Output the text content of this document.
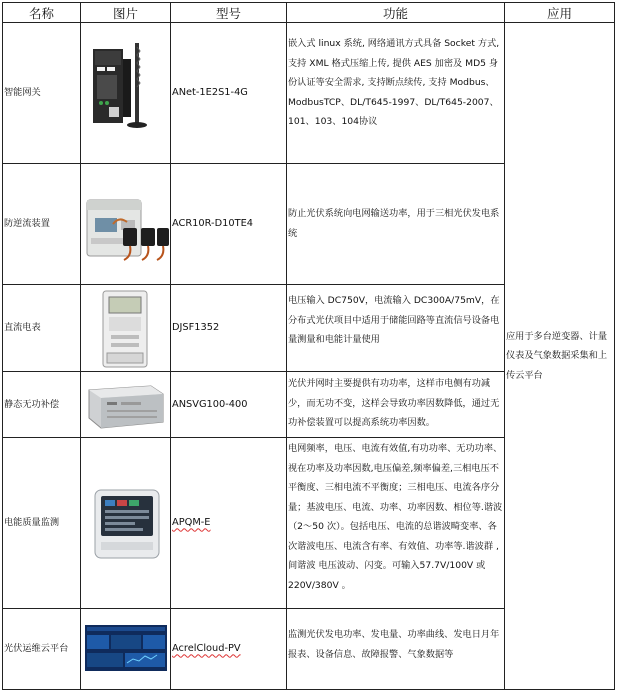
名称	图片	型号	功能	应用
智能网关		ANet-1E2S1-4G	嵌入式 linux 系统, 网络通讯方式具备 Socket 方式, 支持 XML 格式压缩上传, 提供 AES 加密及 MD5 身份认证等安全需求, 支持断点续传, 支持 Modbus、ModbusTCP、DL/T645-1997、DL/T645-2007、101、103、104协议	应用于多台逆变器、计量仪表及气象数据采集和上传云平台

防逆流装置		ACR10R-D10TE4	防止光伏系统向电网输送功率，用于三相光伏发电系统	
直流电表		DJSF1352	电压输入 DC750V，电流输入 DC300A/75mV，在分布式光伏项目中适用于储能回路等直流信号设备电量测量和电能计量使用	
静态无功补偿		ANSVG100-400	光伏并网时主要提供有功功率，这样市电侧有功减少，而无功不变，这样会导致功率因数降低，通过无功补偿装置可以提高系统功率因数。	
电能质量监测		APQM-E	电网频率，电压、电流有效值,有功功率、无功功率、视在功率及功率因数,电压偏差,频率偏差,三相电压不平衡度、三相电流不平衡度；三相电压、电流各序分量；基波电压、电流、功率、功率因数、相位等.谐波（2～50 次）。包括电压、电流的总谐波畸变率、各次谐波电压、电流含有率、有效值、功率等.谐波群 ,间谐波 电压波动、闪变。可输入57.7V/100V 或 220V/380V 。	
光伏运维云平台		AcrelCloud-PV	监测光伏发电功率、发电量、功率曲线、发电日月年报表、设备信息、故障报警、气象数据等	
